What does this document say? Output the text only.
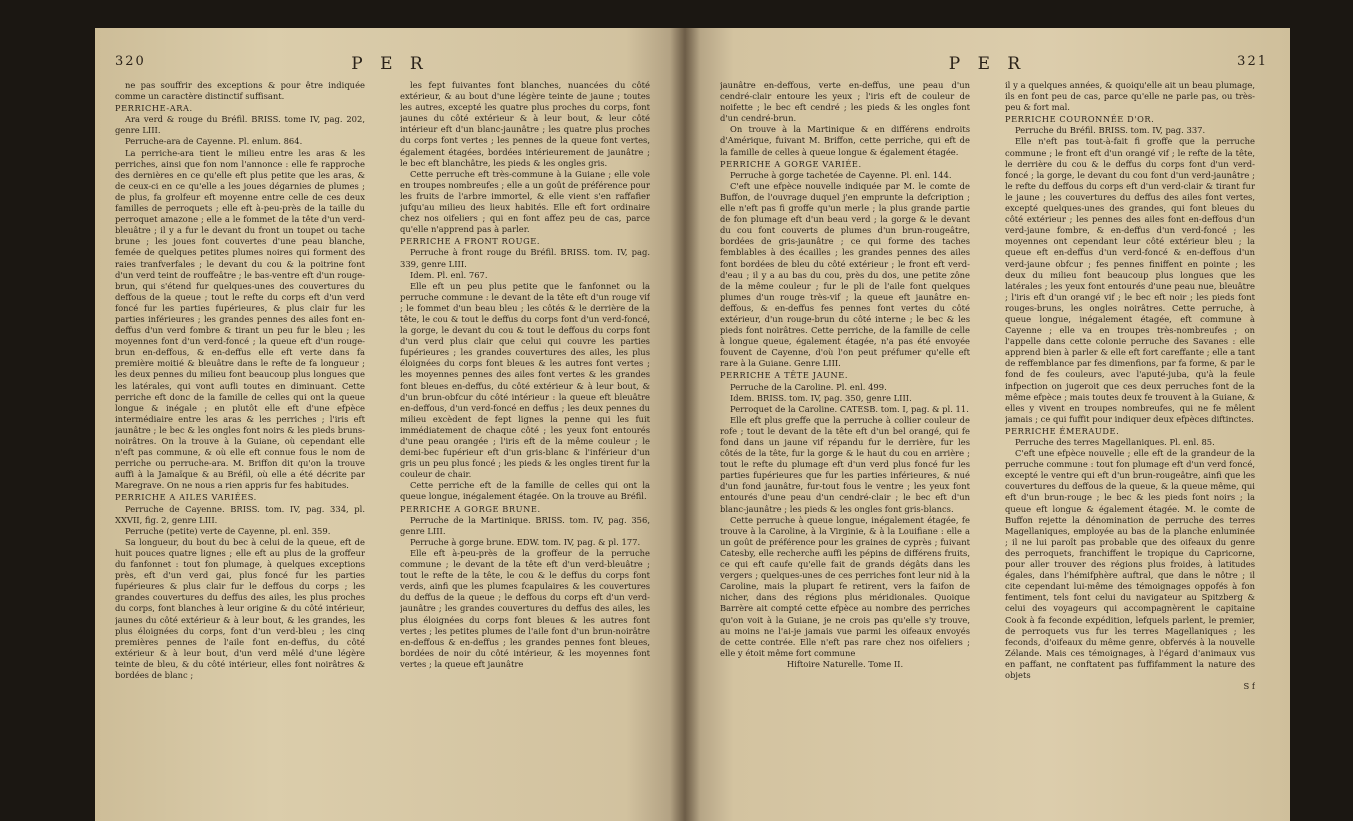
320	P E R

ne pas souffrir des exceptions & pour être indiquée comme un caractère distinctif suffisant.

PERRICHE-ARA.

Ara verd & rouge du Bréfil. BRISS. tome IV, pag. 202, genre LIII.

Perruche-ara de Cayenne. Pl. enlum. 864.

La perriche-ara tient le milieu entre les aras & les perriches, ainsi que fon nom l'annonce : elle fe rapproche des dernières en ce qu'elle eft plus petite que les aras, & de ceux-ci en ce qu'elle a les joues dégarnies de plumes ; de plus, fa grolfeur eft moyenne entre celle de ces deux familles de perroquets ; elle eft à-peu-près de la taille du perroquet amazone ; elle a le fommet de la tête d'un verd-bleuâtre ; il y a fur le devant du front un toupet ou tache brune ; les joues font couvertes d'une peau blanche, femée de quelques petites plumes noires qui forment des raies tranfverfales ; le devant du cou & la poitrine font d'un verd teint de rouffeâtre ; le bas-ventre eft d'un rouge-brun, qui s'étend fur quelques-unes des couvertures du deffous de la queue ; tout le refte du corps eft d'un verd foncé fur les parties fupérieures, & plus clair fur les parties inférieures ; les grandes pennes des ailes font en-deffus d'un verd fombre & tirant un peu fur le bleu ; les moyennes font d'un verd-foncé ; la queue eft d'un rouge-brun en-deffous, & en-deffus elle eft verte dans fa première moitié & bleuâtre dans le refte de fa longueur ; les deux pennes du milieu font beaucoup plus longues que les latérales, qui vont aufli toutes en diminuant. Cette perriche eft donc de la famille de celles qui ont la queue longue & inégale ; en plutôt elle eft d'une efpèce intermédiaire entre les aras & les perriches ; l'iris eft jaunâtre ; le bec & les ongles font noirs & les pieds bruns-noirâtres. On la trouve à la Guiane, où cependant elle n'eft pas commune, & où elle eft connue fous le nom de perriche ou perruche-ara. M. Briffon dit qu'on la trouve auffi à la Jamaïque & au Bréfil, où elle a été décrite par Maregrave. On ne nous a rien appris fur fes habitudes.

PERRICHE A AILES VARIÉES.

Perruche de Cayenne. BRISS. tom. IV, pag. 334, pl. XXVII, fig. 2, genre LIII.

Perruche (petite) verte de Cayenne, pl. enl. 359.

Sa longueur, du bout du bec à celui de la queue, eft de huit pouces quatre lignes ; elle eft au plus de la groffeur du fanfonnet : tout fon plumage, à quelques exceptions près, eft d'un verd gai, plus foncé fur les parties fupérieures & plus clair fur le deffous du corps ; les grandes couvertures du deffus des ailes, les plus proches du corps, font blanches à leur origine & du côté intérieur, jaunes du côté extérieur & à leur bout, & les grandes, les plus éloignées du corps, font d'un verd-bleu ; les cinq premières pennes de l'aile font en-deffus, du côté extérieur & à leur bout, d'un verd mêlé d'une légère teinte de bleu, & du côté intérieur, elles font noirâtres & bordées de blanc ;

les fept fuivantes font blanches, nuancées du côté extérieur, & au bout d'une légère teinte de jaune ; toutes les autres, excepté les quatre plus proches du corps, font jaunes du côté extérieur & à leur bout, & leur côté intérieur eft d'un blanc-jaunâtre ; les quatre plus proches du corps font vertes ; les pennes de la queue font vertes, également étagées, bordées intérieurement de jaunâtre ; le bec eft blanchâtre, les pieds & les ongles gris.

Cette perruche eft très-commune à la Guiane ; elle vole en troupes nombreufes ; elle a un goût de préférence pour les fruits de l'arbre immortel, & elle vient s'en raffafier jufqu'au milieu des lieux habités. Elle eft fort ordinaire chez nos oifeliers ; qui en font affez peu de cas, parce qu'elle n'apprend pas à parler.

PERRICHE A FRONT ROUGE.

Perruche à front rouge du Bréfil. BRISS. tom. IV, pag. 339, genre LIII.

Idem. Pl. enl. 767.

Elle eft un peu plus petite que le fanfonnet ou la perruche commune : le devant de la tête eft d'un rouge vif ; le fommet d'un beau bleu ; les côtés & le derrière de la tête, le cou & tout le deffus du corps font d'un verd-foncé, la gorge, le devant du cou & tout le deffous du corps font d'un verd plus clair que celui qui couvre les parties fupérieures ; les grandes couvertures des ailes, les plus éloignées du corps font bleues & les autres font vertes ; les moyennes pennes des ailes font vertes & les grandes font bleues en-deffus, du côté extérieur & à leur bout, & d'un brun-obfcur du côté intérieur : la queue eft bleuâtre en-deffous, d'un verd-foncé en deffus ; les deux pennes du milieu excèdent de fept lignes la penne qui les fuit immédiatement de chaque côté ; les yeux font entourés d'une peau orangée ; l'iris eft de la même couleur ; le demi-bec fupérieur eft d'un gris-blanc & l'inférieur d'un gris un peu plus foncé ; les pieds & les ongles tirent fur la couleur de chair.

Cette perriche eft de la famille de celles qui ont la queue longue, inégalement étagée. On la trouve au Bréfil.

PERRICHE A GORGE BRUNE.

Perruche de la Martinique. BRISS. tom. IV, pag. 356, genre LIII.

Perruche à gorge brune. EDW. tom. IV, pag. & pl. 177.

Elle eft à-peu-près de la groffeur de la perruche commune ; le devant de la tête eft d'un verd-bleuâtre ; tout le refte de la tête, le cou & le deffus du corps font verds, ainfi que les plumes fcapulaires & les couvertures du deffus de la queue ; le deffous du corps eft d'un verd-jaunâtre ; les grandes couvertures du deffus des ailes, les plus éloignées du corps font bleues & les autres font vertes ; les petites plumes de l'aile font d'un brun-noirâtre en-deffous & en-deffus ; les grandes pennes font bleues, bordées de noir du côté intérieur, & les moyennes font vertes ; la queue eft jaunâtre

P E R	321

jaunâtre en-deffous, verte en-deffus, une peau d'un cendré-clair entoure les yeux ; l'iris eft de couleur de noifette ; le bec eft cendré ; les pieds & les ongles font d'un cendré-brun.

On trouve à la Martinique & en différens endroits d'Amérique, fuivant M. Briffon, cette perriche, qui eft de la famille de celles à queue longue & également étagée.

PERRICHE A GORGE VARIÉE.

Perruche à gorge tachetée de Cayenne. Pl. enl. 144.

C'eft une efpèce nouvelle indiquée par M. le comte de Buffon, de l'ouvrage duquel j'en emprunte la defcription ; elle n'eft pas fi groffe qu'un merle ; la plus grande partie de fon plumage eft d'un beau verd ; la gorge & le devant du cou font couverts de plumes d'un brun-rougeâtre, bordées de gris-jaunâtre ; ce qui forme des taches femblables à des écailles ; les grandes pennes des ailes font bordées de bleu du côté extérieur ; le front eft verd-d'eau ; il y a au bas du cou, près du dos, une petite zône de la même couleur ; fur le pli de l'aile font quelques plumes d'un rouge très-vif ; la queue eft jaunâtre en-deffous, & en-deffus fes pennes font vertes du côté extérieur, d'un rouge-brun du côté interne ; le bec & les pieds font noirâtres. Cette perriche, de la famille de celle à longue queue, également étagée, n'a pas été envoyée fouvent de Cayenne, d'où l'on peut préfumer qu'elle eft rare à la Guiane. Genre LIII.

PERRICHE A TÊTE JAUNE.

Perruche de la Caroline. Pl. enl. 499.

Idem. BRISS. tom. IV, pag. 350, genre LIII.

Perroquet de la Caroline. CATESB. tom. I, pag. & pl. 11.

Elle eft plus greffe que la perruche à collier couleur de rofe ; tout le devant de la tête eft d'un bel orangé, qui fe fond dans un jaune vif répandu fur le derrière, fur les côtés de la tête, fur la gorge & le haut du cou en arrière ; tout le refte du plumage eft d'un verd plus foncé fur les parties fupérieures que fur les parties inférieures, & nué d'un fond jaunâtre, fur-tout fous le ventre ; les yeux font entourés d'une peau d'un cendré-clair ; le bec eft d'un blanc-jaunâtre ; les pieds & les ongles font gris-blancs.

Cette perruche à queue longue, inégalement étagée, fe trouve à la Caroline, à la Virginie, & à la Louifiane : elle a un goût de préférence pour les graines de cyprès ; fuivant Catesby, elle recherche auffi les pépins de différens fruits, ce qui eft caufe qu'elle fait de grands dégâts dans les vergers ; quelques-unes de ces perriches font leur nid à la Caroline, mais la plupart fe retirent, vers la faifon de nicher, dans des régions plus méridionales. Quoique Barrère ait compté cette efpèce au nombre des perriches qu'on voit à la Guiane, je ne crois pas qu'elle s'y trouve, au moins ne l'ai-je jamais vue parmi les oifeaux envoyés de cette contrée. Elle n'eft pas rare chez nos oifeliers ; elle y étoit même fort commune

Hiftoire Naturelle. Tome II.

il y a quelques années, & quoiqu'elle ait un beau plumage, ils en font peu de cas, parce qu'elle ne parle pas, ou très-peu & fort mal.

PERRICHE COURONNÉE D'OR.

Perruche du Bréfil. BRISS. tom. IV, pag. 337.

Elle n'eft pas tout-à-fait fi groffe que la perruche commune ; le front eft d'un orangé vif ; le refte de la tête, le derrière du cou & le deffus du corps font d'un verd-foncé ; la gorge, le devant du cou font d'un verd-jaunâtre ; le refte du deffous du corps eft d'un verd-clair & tirant fur le jaune ; les couvertures du deffus des ailes font vertes, excepté quelques-unes des grandes, qui font bleues du côté extérieur ; les pennes des ailes font en-deffous d'un verd-jaune fombre, & en-deffus d'un verd-foncé ; les moyennes ont cependant leur côté extérieur bleu ; la queue eft en-deffus d'un verd-foncé & en-deffous d'un verd-jaune obfcur ; fes pennes finiffent en pointe ; les deux du milieu font beaucoup plus longues que les latérales ; les yeux font entourés d'une peau nue, bleuâtre ; l'iris eft d'un orangé vif ; le bec eft noir ; les pieds font rouges-bruns, les ongles noirâtres. Cette perruche, à queue longue, inégalement étagée, eft commune à Cayenne ; elle va en troupes très-nombreufes ; on l'appelle dans cette colonie perruche des Savanes : elle apprend bien à parler & elle eft fort careffante ; elle a tant de reffemblance par fes dimenfions, par fa forme, & par le fond de fes couleurs, avec l'aputé-juba, qu'à la feule infpection on jugeroit que ces deux perruches font de la même efpèce ; mais toutes deux fe trouvent à la Guiane, & elles y vivent en troupes nombreufes, qui ne fe mêlent jamais ; ce qui fuffit pour indiquer deux efpèces diftinctes.

PERRICHE ÉMERAUDE.

Perruche des terres Magellaniques. Pl. enl. 85.

C'eft une efpèce nouvelle ; elle eft de la grandeur de la perruche commune : tout fon plumage eft d'un verd foncé, excepté le ventre qui eft d'un brun-rougeâtre, ainfi que les couvertures du deffous de la queue, & la queue même, qui eft d'un brun-rouge ; le bec & les pieds font noirs ; la queue eft longue & également étagée. M. le comte de Buffon rejette la dénomination de perruche des terres Magellaniques, employée au bas de la planche enluminée ; il ne lui paroît pas probable que des oifeaux du genre des perroquets, franchiffent le tropique du Capricorne, pour aller trouver des régions plus froides, à latitudes égales, dans l'hémifphère auftral, que dans le nôtre ; il cite cependant lui-même des témoignages oppofés à fon fentiment, tels font celui du navigateur au Spitzberg & celui des voyageurs qui accompagnèrent le capitaine Cook à fa feconde expédition, lefquels parlent, le premier, de perroquets vus fur les terres Magellaniques ; les feconds, d'oifeaux du même genre, obfervés à la nouvelle Zélande. Mais ces témoignages, à l'égard d'animaux vus en paffant, ne conftatent pas fuffifamment la nature des objets

S f
